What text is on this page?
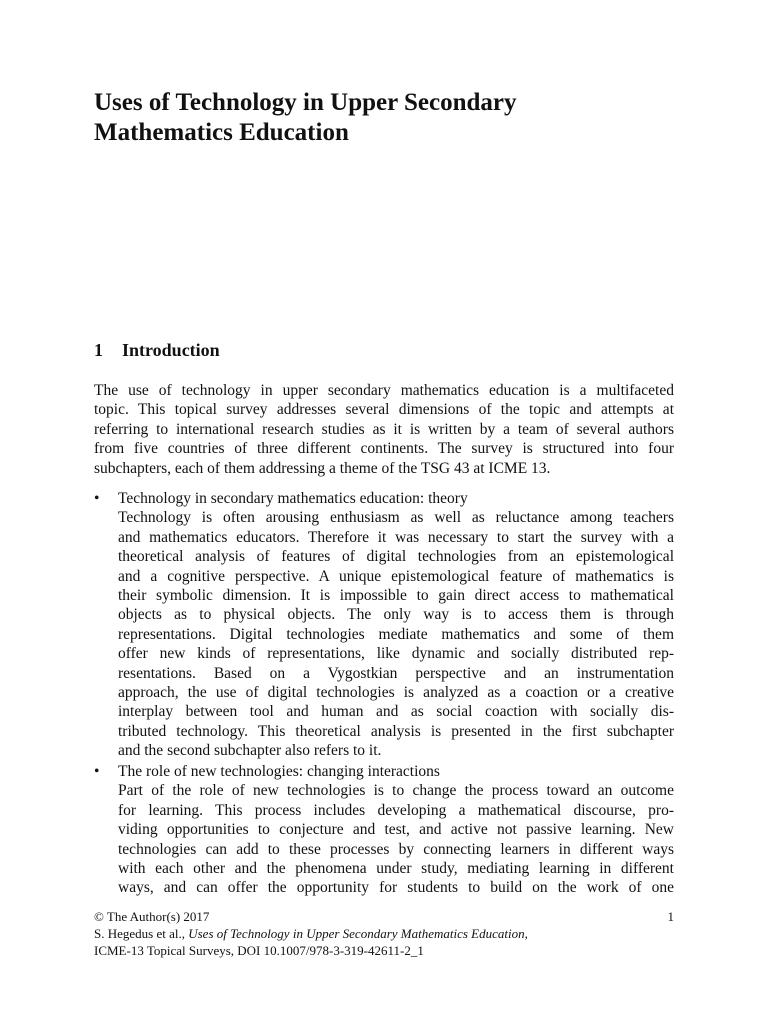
Uses of Technology in Upper Secondary
Mathematics Education
1 Introduction
The use of technology in upper secondary mathematics education is a multifaceted
topic. This topical survey addresses several dimensions of the topic and attempts at
referring to international research studies as it is written by a team of several authors
from five countries of three different continents. The survey is structured into four
subchapters, each of them addressing a theme of the TSG 43 at ICME 13.
• Technology in secondary mathematics education: theory
Technology is often arousing enthusiasm as well as reluctance among teachers
and mathematics educators. Therefore it was necessary to start the survey with a
theoretical analysis of features of digital technologies from an epistemological
and a cognitive perspective. A unique epistemological feature of mathematics is
their symbolic dimension. It is impossible to gain direct access to mathematical
objects as to physical objects. The only way is to access them is through
representations. Digital technologies mediate mathematics and some of them
offer new kinds of representations, like dynamic and socially distributed rep-
resentations. Based on a Vygostkian perspective and an instrumentation
approach, the use of digital technologies is analyzed as a coaction or a creative
interplay between tool and human and as social coaction with socially dis-
tributed technology. This theoretical analysis is presented in the first subchapter
and the second subchapter also refers to it.
• The role of new technologies: changing interactions
Part of the role of new technologies is to change the process toward an outcome
for learning. This process includes developing a mathematical discourse, pro-
viding opportunities to conjecture and test, and active not passive learning. New
technologies can add to these processes by connecting learners in different ways
with each other and the phenomena under study, mediating learning in different
ways, and can offer the opportunity for students to build on the work of one
© The Author(s) 2017	1
S. Hegedus et al., Uses of Technology in Upper Secondary Mathematics Education,
ICME-13 Topical Surveys, DOI 10.1007/978-3-319-42611-2_1
